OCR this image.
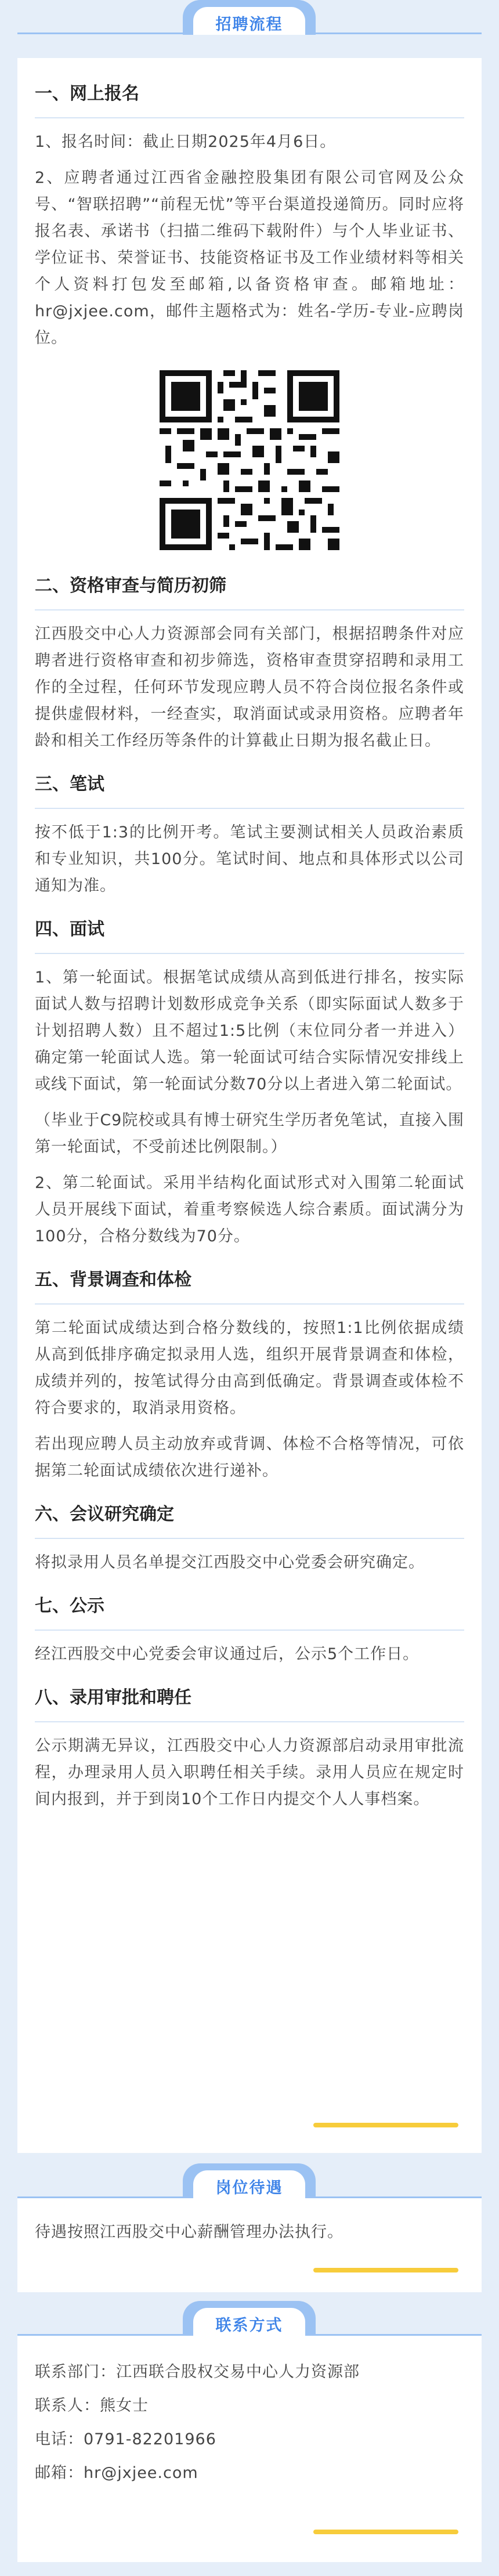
招聘流程

一、网上报名

1、报名时间：截止日期2025年4月6日。

2、应聘者通过江西省金融控股集团有限公司官网及公众号、“智联招聘”“前程无忧”等平台渠道投递简历。同时应将报名表、承诺书（扫描二维码下载附件）与个人毕业证书、学位证书、荣誉证书、技能资格证书及工作业绩材料等相关个人资料打包发至邮箱,以备资格审查。邮箱地址：hr@jxjee.com，邮件主题格式为：姓名-学历-专业-应聘岗位。

二、资格审查与简历初筛

江西股交中心人力资源部会同有关部门，根据招聘条件对应聘者进行资格审查和初步筛选，资格审查贯穿招聘和录用工作的全过程，任何环节发现应聘人员不符合岗位报名条件或提供虚假材料，一经查实，取消面试或录用资格。应聘者年龄和相关工作经历等条件的计算截止日期为报名截止日。

三、笔试

按不低于1:3的比例开考。笔试主要测试相关人员政治素质和专业知识，共100分。笔试时间、地点和具体形式以公司通知为准。

四、面试

1、第一轮面试。根据笔试成绩从高到低进行排名，按实际面试人数与招聘计划数形成竞争关系（即实际面试人数多于计划招聘人数）且不超过1:5比例（末位同分者一并进入）确定第一轮面试人选。第一轮面试可结合实际情况安排线上或线下面试，第一轮面试分数70分以上者进入第二轮面试。

（毕业于C9院校或具有博士研究生学历者免笔试，直接入围第一轮面试，不受前述比例限制。）

2、第二轮面试。采用半结构化面试形式对入围第二轮面试人员开展线下面试，着重考察候选人综合素质。面试满分为100分，合格分数线为70分。

五、背景调查和体检

第二轮面试成绩达到合格分数线的，按照1:1比例依据成绩从高到低排序确定拟录用人选，组织开展背景调查和体检，成绩并列的，按笔试得分由高到低确定。背景调查或体检不符合要求的，取消录用资格。

若出现应聘人员主动放弃或背调、体检不合格等情况，可依据第二轮面试成绩依次进行递补。

六、会议研究确定

将拟录用人员名单提交江西股交中心党委会研究确定。

七、公示

经江西股交中心党委会审议通过后，公示5个工作日。

八、录用审批和聘任

公示期满无异议，江西股交中心人力资源部启动录用审批流程，办理录用人员入职聘任相关手续。录用人员应在规定时间内报到，并于到岗10个工作日内提交个人人事档案。

岗位待遇

待遇按照江西股交中心薪酬管理办法执行。

联系方式

联系部门：江西联合股权交易中心人力资源部

联系人：熊女士

电话：0791-82201966

邮箱：hr@jxjee.com
